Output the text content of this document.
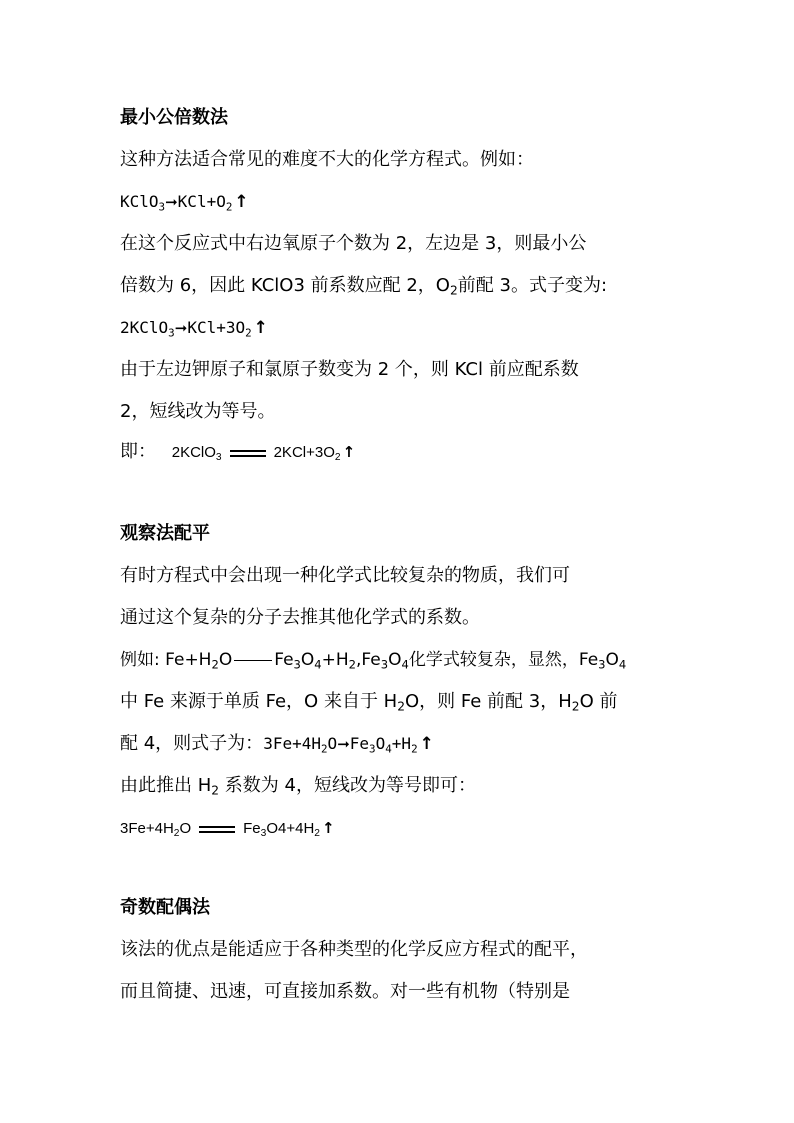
最小公倍数法
这种方法适合常见的难度不大的化学方程式。例如：
$KClO_3➞KCl+O_2$ ↑
在这个反应式中右边氧原子个数为 2，左边是 3，则最小公
倍数为 6，因此 KClO3 前系数应配 2，$O_2$前配 3。式子变为:
$2KClO_3➞KCl+3O_2$ ↑
由于左边钾原子和氯原子数变为 2 个，则 KCl 前应配系数
2，短线改为等号。
即： 2KClO$_3$	$2KCl+3O_2$ ↑
观察法配平
有时方程式中会出现一种化学式比较复杂的物质，我们可
通过这个复杂的分子去推其他化学式的系数。
例如: $Fe+H_2O$ $Fe_3O_4+H_2,Fe_3O_4$化学式较复杂，显然，$Fe_3O_4$
中 Fe 来源于单质 Fe，O 来自于 $H_2O$，则 Fe 前配 3，$H_2O$ 前
配 4，则式子为：$3Fe+4H_2O➞Fe_3O_4+H_2$ ↑
由此推出 $H_2$ 系数为 4，短线改为等号即可：
$3Fe+4H_2O$	$Fe_3O4+4H_2$ ↑
奇数配偶法
该法的优点是能适应于各种类型的化学反应方程式的配平，
而且简捷、迅速，可直接加系数。对一些有机物（特别是
